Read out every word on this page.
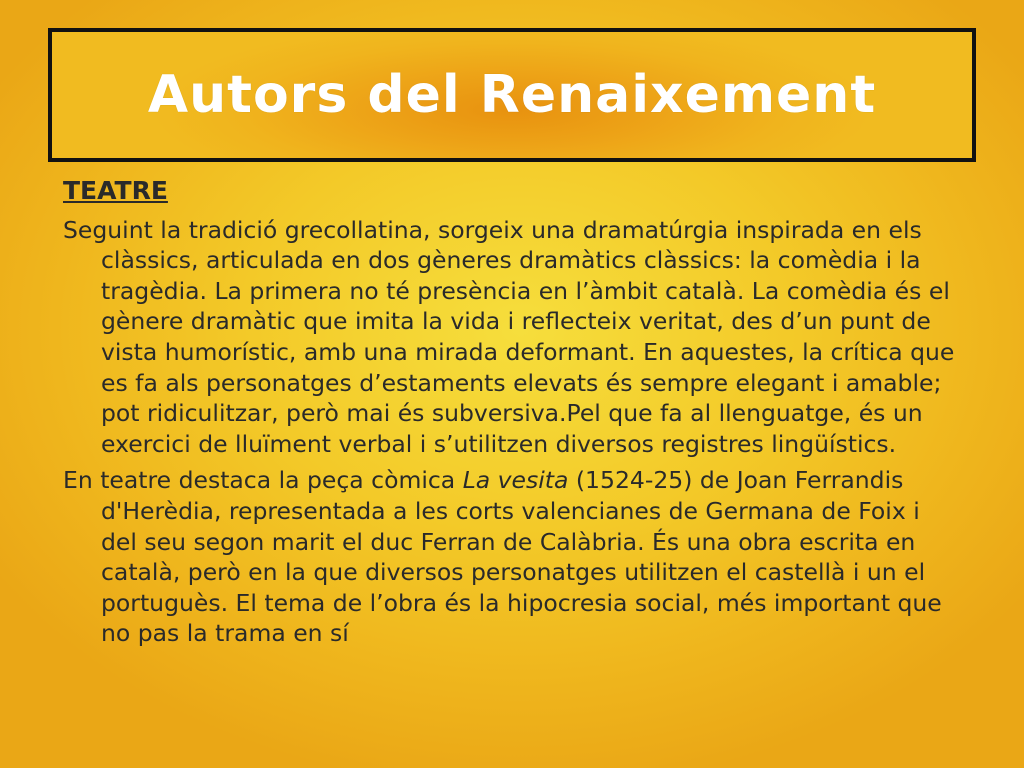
Autors del Renaixement
TEATRE

Seguint la tradició grecollatina, sorgeix una dramatúrgia inspirada en els clàssics, articulada en dos gèneres dramàtics clàssics: la comèdia i la tragèdia. La primera no té presència en l’àmbit català. La comèdia és el gènere dramàtic que imita la vida i reflecteix veritat, des d’un punt de vista humorístic, amb una mirada deformant. En aquestes, la crítica que es fa als personatges d’estaments elevats és sempre elegant i amable; pot ridiculitzar, però mai és subversiva.Pel que fa al llenguatge, és un exercici de lluïment verbal i s’utilitzen diversos registres lingüístics.

En teatre destaca la peça còmica La vesita (1524-25) de Joan Ferrandis d'Herèdia, representada a les corts valencianes de Germana de Foix i del seu segon marit el duc Ferran de Calàbria. És una obra escrita en català, però en la que diversos personatges utilitzen el castellà i un el portuguès. El tema de l’obra és la hipocresia social, més important que no pas la trama en sí
